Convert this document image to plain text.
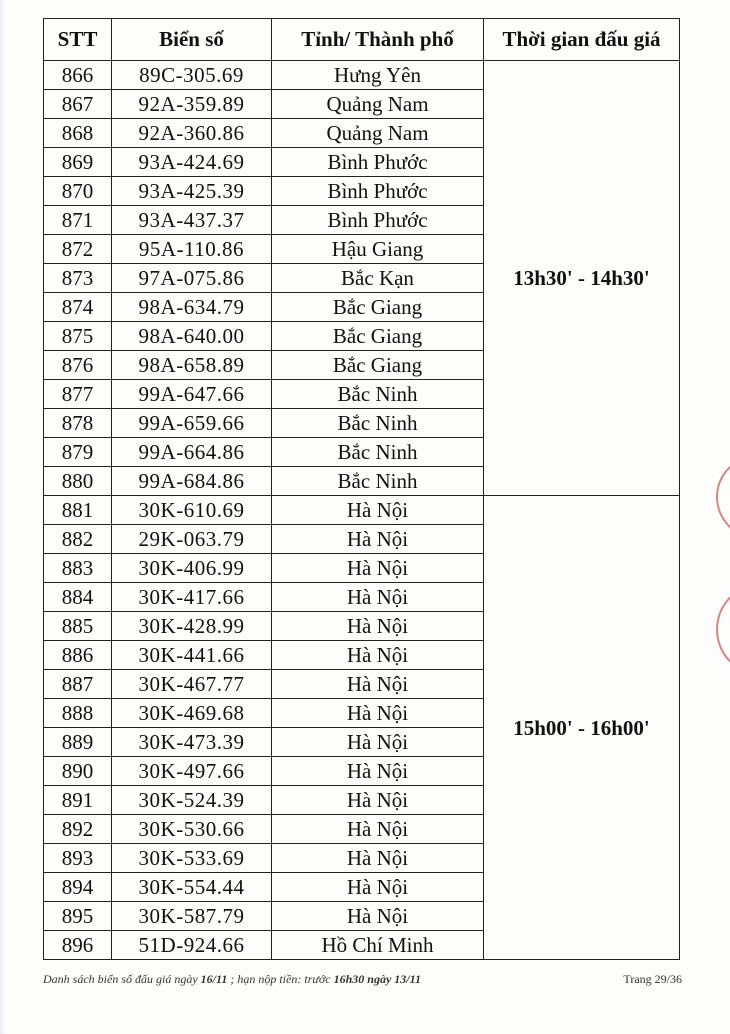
STT	Biển số	Tỉnh/ Thành phố	Thời gian đấu giá
866	89C-305.69	Hưng Yên	13h30' - 14h30'
867	92A-359.89	Quảng Nam	
868	92A-360.86	Quảng Nam	
869	93A-424.69	Bình Phước	
870	93A-425.39	Bình Phước	
871	93A-437.37	Bình Phước	
872	95A-110.86	Hậu Giang	
873	97A-075.86	Bắc Kạn	
874	98A-634.79	Bắc Giang	
875	98A-640.00	Bắc Giang	
876	98A-658.89	Bắc Giang	
877	99A-647.66	Bắc Ninh	
878	99A-659.66	Bắc Ninh	
879	99A-664.86	Bắc Ninh	
880	99A-684.86	Bắc Ninh	
881	30K-610.69	Hà Nội	15h00' - 16h00'
882	29K-063.79	Hà Nội	
883	30K-406.99	Hà Nội	
884	30K-417.66	Hà Nội	
885	30K-428.99	Hà Nội	
886	30K-441.66	Hà Nội	
887	30K-467.77	Hà Nội	
888	30K-469.68	Hà Nội	
889	30K-473.39	Hà Nội	
890	30K-497.66	Hà Nội	
891	30K-524.39	Hà Nội	
892	30K-530.66	Hà Nội	
893	30K-533.69	Hà Nội	
894	30K-554.44	Hà Nội	
895	30K-587.79	Hà Nội	
896	51D-924.66	Hồ Chí Minh	
Danh sách biển số đấu giá ngày 16/11 ; hạn nộp tiền: trước 16h30 ngày 13/11	Trang 29/36
